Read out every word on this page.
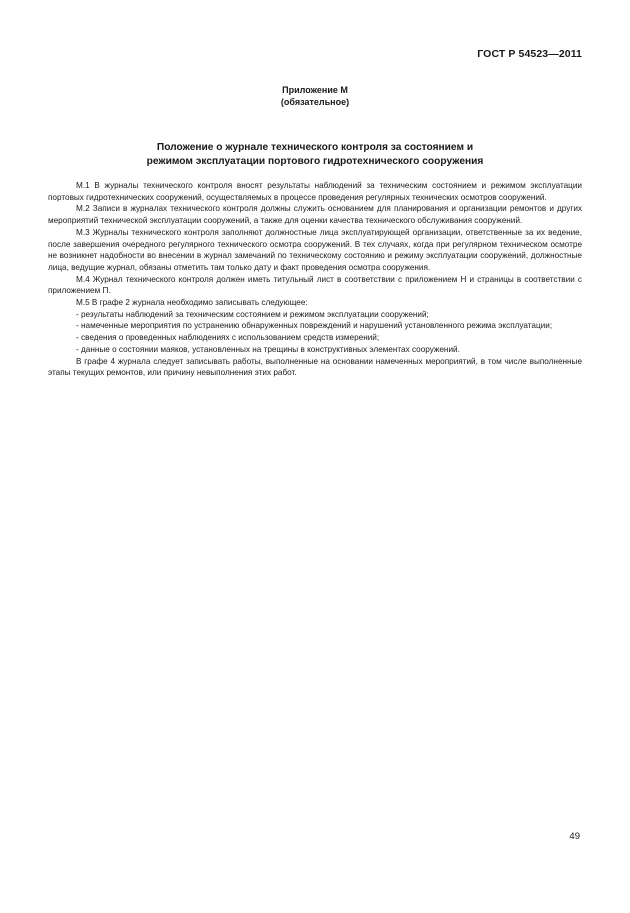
ГОСТ Р 54523—2011
Приложение М
(обязательное)
Положение о журнале технического контроля за состоянием и
режимом эксплуатации портового гидротехнического сооружения

М.1 В журналы технического контроля вносят результаты наблюдений за техническим состоянием и режимом эксплуатации портовых гидротехнических сооружений, осуществляемых в процессе проведения регулярных технических осмотров сооружений.

М.2 Записи в журналах технического контроля должны служить основанием для планирования и организации ремонтов и других мероприятий технической эксплуатации сооружений, а также для оценки качества технического обслуживания сооружений.

М.3 Журналы технического контроля заполняют должностные лица эксплуатирующей организации, ответственные за их ведение, после завершения очередного регулярного технического осмотра сооружений. В тех случаях, когда при регулярном техническом осмотре не возникнет надобности во внесении в журнал замечаний по техническому состоянию и режиму эксплуатации сооружений, должностные лица, ведущие журнал, обязаны отметить там только дату и факт проведения осмотра сооружения.

М.4 Журнал технического контроля должен иметь титульный лист в соответствии с приложением Н и страницы в соответствии с приложением П.

М.5 В графе 2 журнала необходимо записывать следующее:

- результаты наблюдений за техническим состоянием и режимом эксплуатации сооружений;

- намеченные мероприятия по устранению обнаруженных повреждений и нарушений установленного режима эксплуатации;

- сведения о проведенных наблюдениях с использованием средств измерений;

- данные о состоянии маяков, установленных на трещины в конструктивных элементах сооружений.

В графе 4 журнала следует записывать работы, выполненные на основании намеченных мероприятий, в том числе выполненные этапы текущих ремонтов, или причину невыполнения этих работ.

49
